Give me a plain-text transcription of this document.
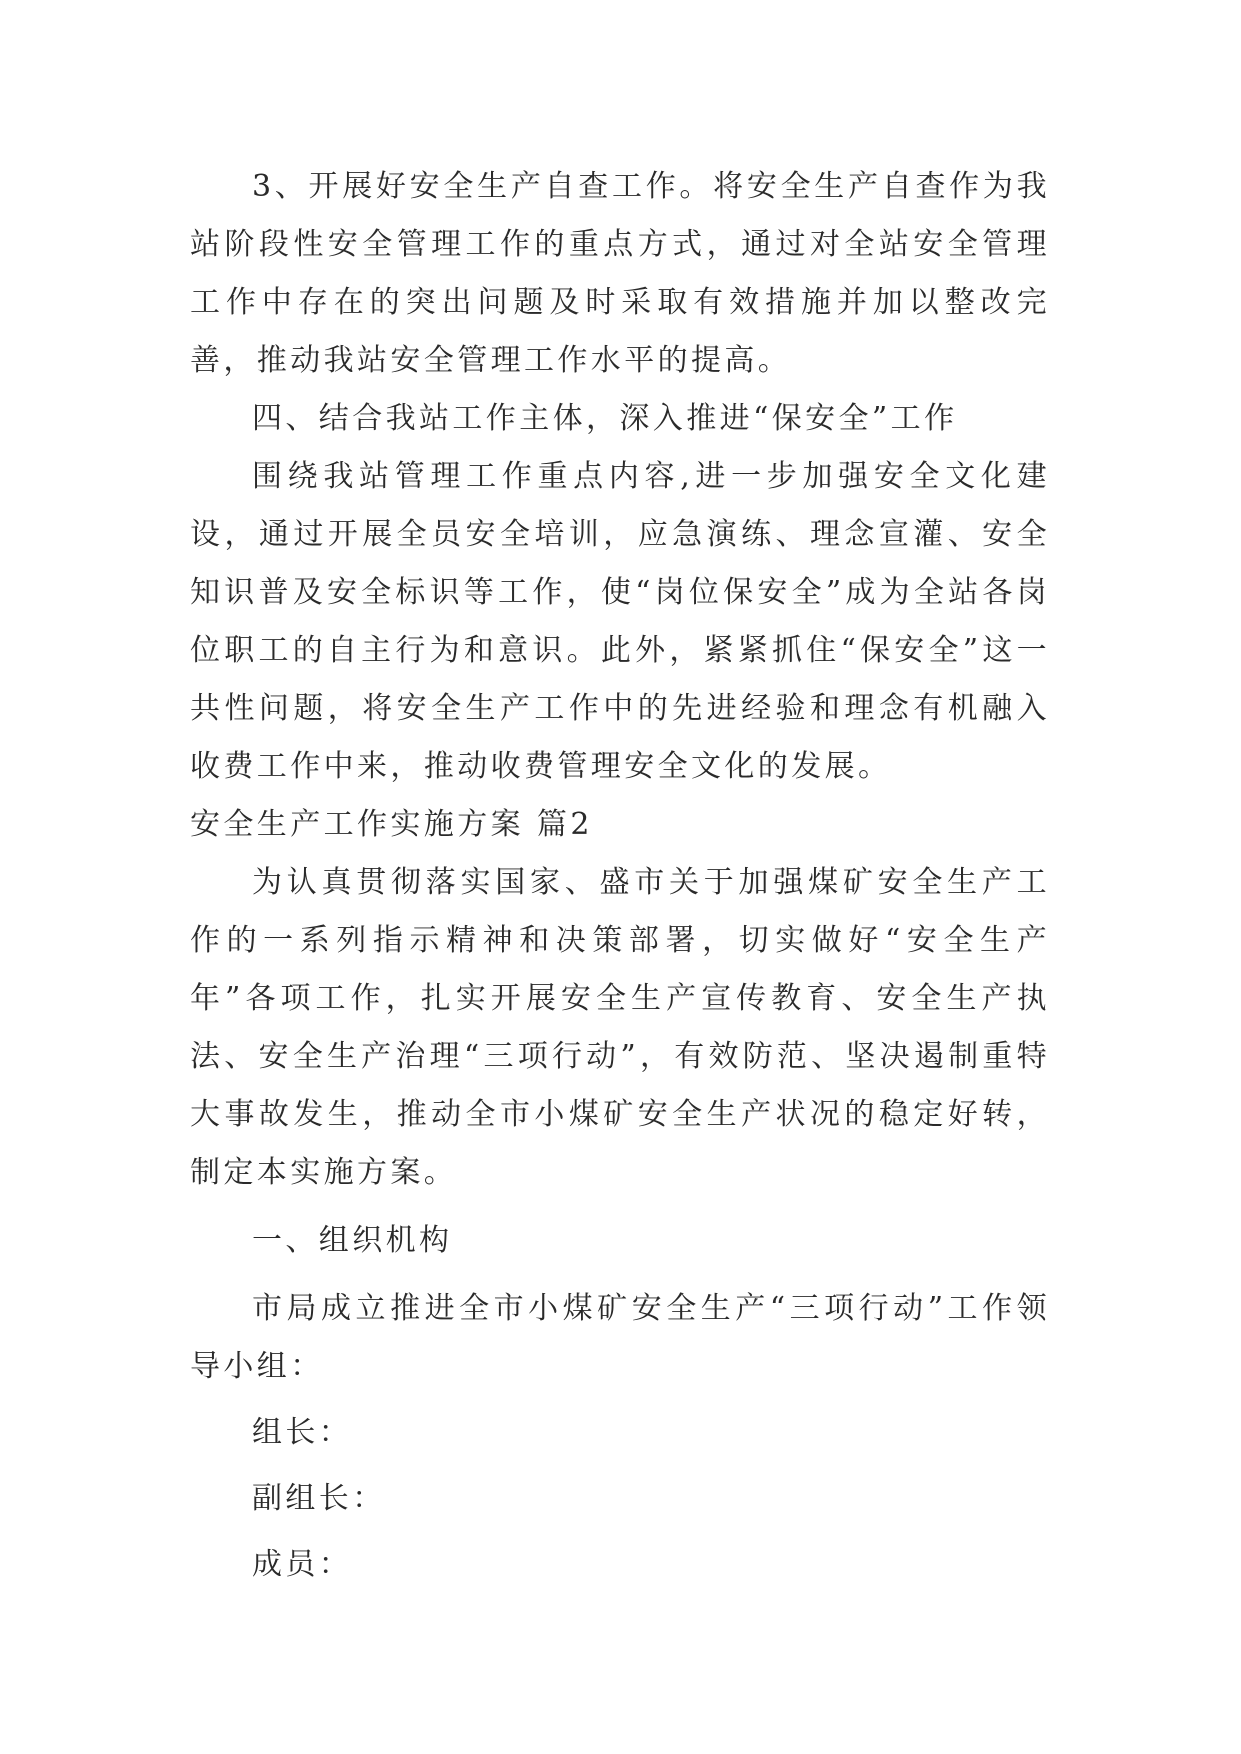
3、开展好安全生产自查工作。将安全生产自查作为我站阶段性安全管理工作的重点方式，通过对全站安全管理工作中存在的突出问题及时采取有效措施并加以整改完善，推动我站安全管理工作水平的提高。

四、结合我站工作主体，深入推进“保安全”工作

围绕我站管理工作重点内容,进一步加强安全文化建设，通过开展全员安全培训，应急演练、理念宣灌、安全知识普及安全标识等工作，使“岗位保安全”成为全站各岗位职工的自主行为和意识。此外，紧紧抓住“保安全”这一共性问题，将安全生产工作中的先进经验和理念有机融入收费工作中来，推动收费管理安全文化的发展。

安全生产工作实施方案 篇2

为认真贯彻落实国家、盛市关于加强煤矿安全生产工作的一系列指示精神和决策部署，切实做好“安全生产年”各项工作，扎实开展安全生产宣传教育、安全生产执法、安全生产治理“三项行动”，有效防范、坚决遏制重特大事故发生，推动全市小煤矿安全生产状况的稳定好转，制定本实施方案。

一、组织机构

市局成立推进全市小煤矿安全生产“三项行动”工作领导小组：

组长：

副组长：

成员：
